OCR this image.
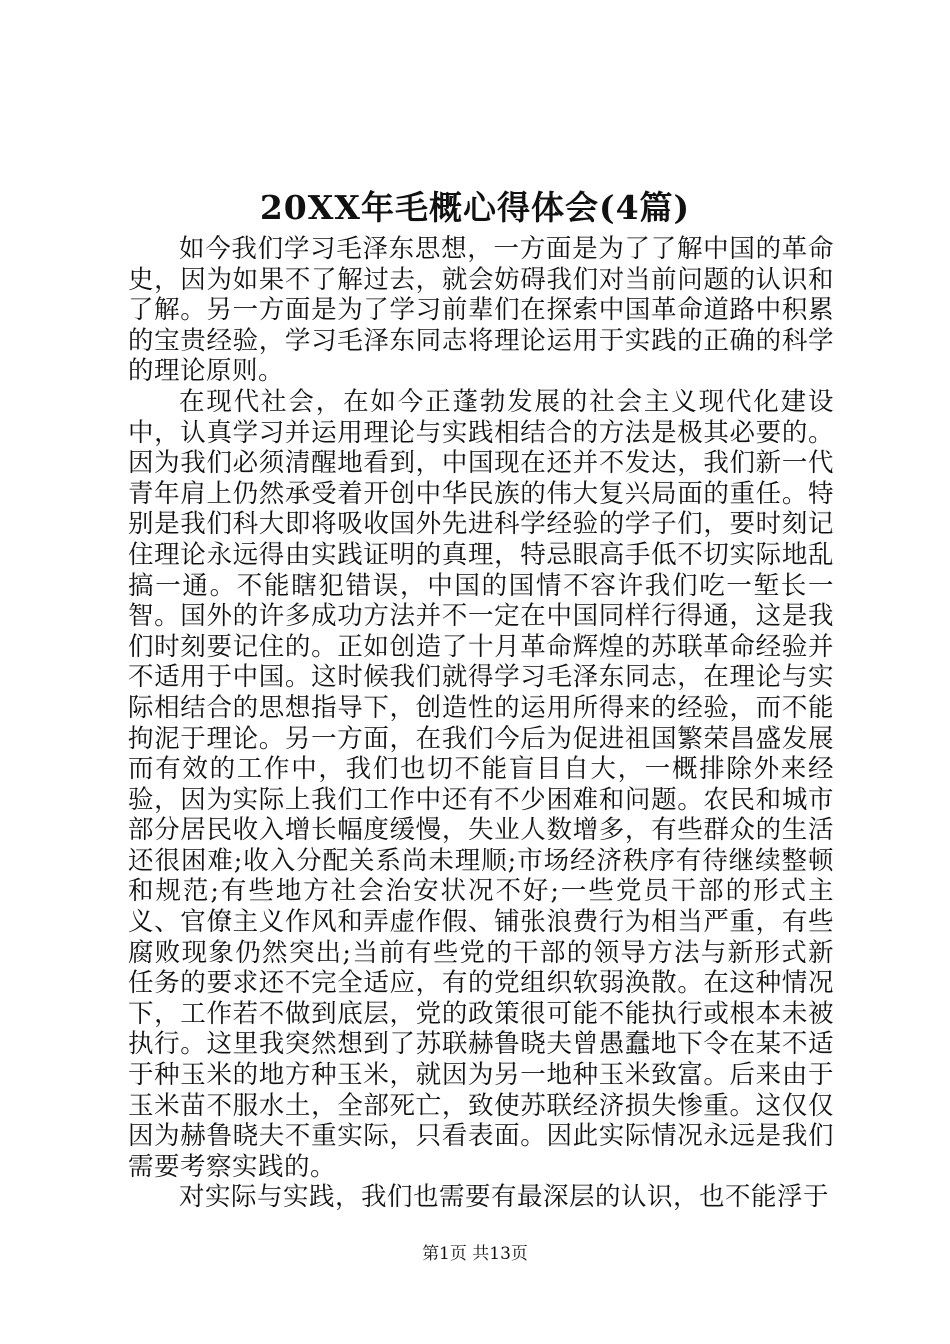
20XX年毛概心得体会(4篇)

如今我们学习毛泽东思想，一方面是为了了解中国的革命史，因为如果不了解过去，就会妨碍我们对当前问题的认识和了解。另一方面是为了学习前辈们在探索中国革命道路中积累的宝贵经验，学习毛泽东同志将理论运用于实践的正确的科学的理论原则。

在现代社会，在如今正蓬勃发展的社会主义现代化建设中，认真学习并运用理论与实践相结合的方法是极其必要的。因为我们必须清醒地看到，中国现在还并不发达，我们新一代青年肩上仍然承受着开创中华民族的伟大复兴局面的重任。特别是我们科大即将吸收国外先进科学经验的学子们，要时刻记住理论永远得由实践证明的真理，特忌眼高手低不切实际地乱搞一通。不能瞎犯错误，中国的国情不容许我们吃一堑长一智。国外的许多成功方法并不一定在中国同样行得通，这是我们时刻要记住的。正如创造了十月革命辉煌的苏联革命经验并不适用于中国。这时候我们就得学习毛泽东同志，在理论与实际相结合的思想指导下，创造性的运用所得来的经验，而不能拘泥于理论。另一方面，在我们今后为促进祖国繁荣昌盛发展而有效的工作中，我们也切不能盲目自大，一概排除外来经验，因为实际上我们工作中还有不少困难和问题。农民和城市部分居民收入增长幅度缓慢，失业人数增多，有些群众的生活还很困难;收入分配关系尚未理顺;市场经济秩序有待继续整顿和规范;有些地方社会治安状况不好;一些党员干部的形式主义、官僚主义作风和弄虚作假、铺张浪费行为相当严重，有些腐败现象仍然突出;当前有些党的干部的领导方法与新形式新任务的要求还不完全适应，有的党组织软弱涣散。在这种情况下，工作若不做到底层，党的政策很可能不能执行或根本未被执行。这里我突然想到了苏联赫鲁晓夫曾愚蠢地下令在某不适于种玉米的地方种玉米，就因为另一地种玉米致富。后来由于玉米苗不服水土，全部死亡，致使苏联经济损失惨重。这仅仅因为赫鲁晓夫不重实际，只看表面。因此实际情况永远是我们需要考察实践的。

对实际与实践，我们也需要有最深层的认识，也不能浮于

第1页 共13页
